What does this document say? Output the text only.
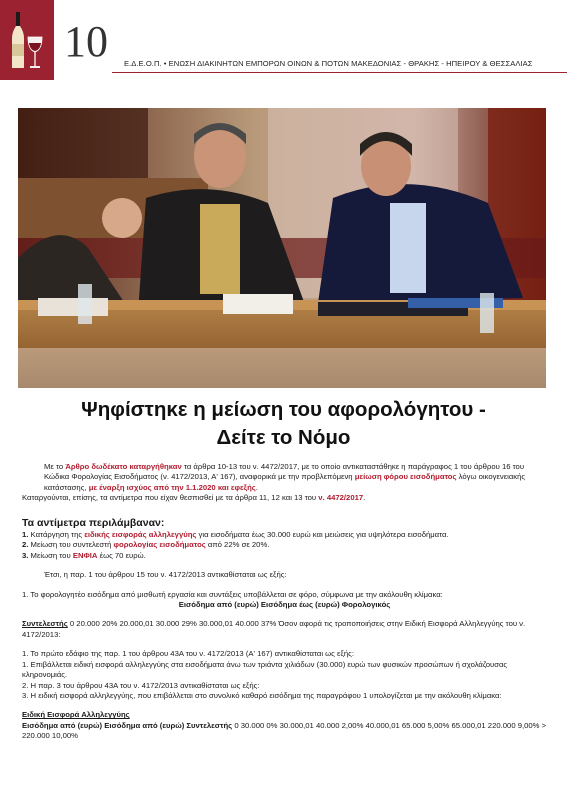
10 Ε.Δ.Ε.Ο.Π. • ΕΝΩΣΗ ΔΙΑΚΙΝΗΤΩΝ ΕΜΠΟΡΩΝ ΟΙΝΩΝ & ΠΟΤΩΝ ΜΑΚΕΔΟΝΙΑΣ - ΘΡΑΚΗΣ - ΗΠΕΙΡΟΥ & ΘΕΣΣΑΛΙΑΣ
Ψηφίστηκε η μείωση του αφορολόγητου -
Δείτε το Νόμο

Με το Άρθρο δωδέκατο καταργήθηκαν τα άρθρα 10-13 του ν. 4472/2017, με το οποίο αντικαταστάθηκε η παράγραφος 1 του άρθρου 16 του Κώδικα Φορολογίας Εισοδήματος (ν. 4172/2013, Α' 167), αναφορικά με την προβλεπόμενη μείωση φόρου εισοδήματος λόγω οικογενειακής κατάστασης, με έναρξη ισχύος από την 1.1.2020 και εφεξής.

Καταργούνται, επίσης, τα αντίμετρα που είχαν θεσπισθεί με τα άρθρα 11, 12 και 13 του ν. 4472/2017.

Τα αντίμετρα περιλάμβαναν:

1. Κατάργηση της ειδικής εισφοράς αλληλεγγύης για εισοδήματα έως 30.000 ευρώ και μειώσεις για υψηλότερα εισοδήματα.

2. Μείωση του συντελεστή φορολογίας εισοδήματος από 22% σε 20%.

3. Μείωση του ΕΝΦΙΑ έως 70 ευρώ.

Έτσι, η παρ. 1 του άρθρου 15 του ν. 4172/2013 αντικαθίσταται ως εξής:

1. Το φορολογητέο εισόδημα από μισθωτή εργασία και συντάξεις υποβάλλεται σε φόρο, σύμφωνα με την ακόλουθη κλίμακα:

Εισόδημα από (ευρώ) Εισόδημα έως (ευρώ) Φορολογικός

Συντελεστής 0 20.000 20% 20.000,01 30.000 29% 30.000,01 40.000 37% Όσον αφορά τις τροποποιήσεις στην Ειδική Εισφορά Αλληλεγγύης του ν. 4172/2013:

1. Το πρώτο εδάφιο της παρ. 1 του άρθρου 43Α του ν. 4172/2013 (Α' 167) αντικαθίσταται ως εξής:

1. Επιβάλλεται ειδική εισφορά αλληλεγγύης στα εισοδήματα άνω των τριάντα χιλιάδων (30.000) ευρώ των φυσικών προσώπων ή σχολάζουσας κληρονομιάς.

2. Η παρ. 3 του άρθρου 43Α του ν. 4172/2013 αντικαθίσταται ως εξής:

3. Η ειδική εισφορά αλληλεγγύης, που επιβάλλεται στο συνολικό καθαρό εισόδημα της παραγράφου 1 υπολογίζεται με την ακόλουθη κλίμακα:

Ειδική Εισφορά Αλληλεγγύης

Εισόδημα από (ευρώ) Εισόδημα από (ευρώ) Συντελεστής 0 30.000 0% 30.000,01 40.000 2,00% 40.000,01 65.000 5,00% 65.000,01 220.000 9,00% > 220.000 10,00%
